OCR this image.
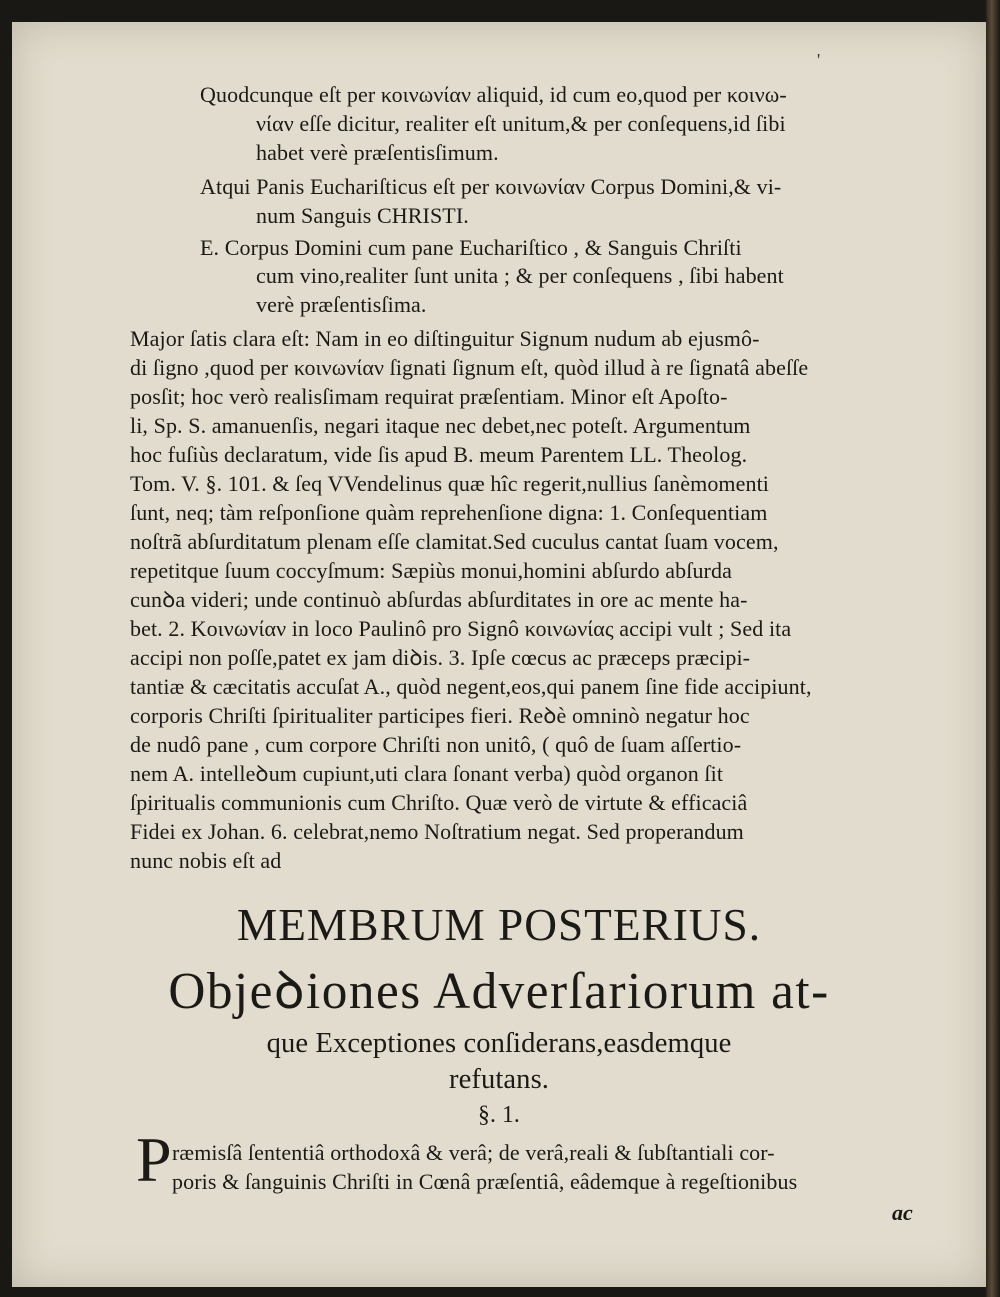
'
Quodcunque eſt per κοινωνίαν aliquid, id cum eo,quod per κοινω-
νίαν eſſe dicitur, realiter eſt unitum,& per conſequens,id ſibi
habet verè præſentisſimum.
Atqui Panis Euchariſticus eſt per κοινωνίαν Corpus Domini,& vi-
num Sanguis CHRISTI.
E. Corpus Domini cum pane Euchariſtico , & Sanguis Chriſti
cum vino,realiter ſunt unita ; & per conſequens , ſibi habent
verè præſentisſima.
Major ſatis clara eſt: Nam in eo diſtinguitur Signum nudum ab ejusmô-
di ſigno ,quod per κοινωνίαν ſignati ſignum eſt, quòd illud à re ſignatâ abeſſe
posſit; hoc verò realisſimam requirat præſentiam. Minor eſt Apoſto-
li, Sp. S. amanuenſis, negari itaque nec debet,nec poteſt. Argumentum
hoc fuſiùs declaratum, vide ſis apud B. meum Parentem LL. Theolog.
Tom. V. §. 101. & ſeq VVendelinus quæ hîc regerit,nullius ſanèmomenti
ſunt, neq; tàm reſponſione quàm reprehenſione digna: 1. Conſequentiam
noſtrã abſurditatum plenam eſſe clamitat.Sed cuculus cantat ſuam vocem,
repetitque ſuum coccyſmum: Sæpiùs monui,homini abſurdo abſurda
cunꝺa videri; unde continuò abſurdas abſurditates in ore ac mente ha-
bet. 2. Κοινωνίαν in loco Paulinô pro Signô κοινωνίας accipi vult ; Sed ita
accipi non poſſe,patet ex jam diꝺis. 3. Ipſe cœcus ac præceps præcipi-
tantiæ & cæcitatis accuſat A., quòd negent,eos,qui panem ſine fide accipiunt,
corporis Chriſti ſpiritualiter participes fieri. Reꝺè omninò negatur hoc
de nudô pane , cum corpore Chriſti non unitô, ( quô de ſuam aſſertio-
nem A. intelleꝺum cupiunt,uti clara ſonant verba) quòd organon ſit
ſpiritualis communionis cum Chriſto. Quæ verò de virtute & efficaciâ
Fidei ex Johan. 6. celebrat,nemo Noſtratium negat. Sed properandum
nunc nobis eſt ad
MEMBRUM POSTERIUS.
Objeꝺiones Adverſariorum at-
que Exceptiones conſiderans,easdemque
refutans.
§. 1.
P ræmisſâ ſententiâ orthodoxâ & verâ; de verâ,reali & ſubſtantiali cor-
poris & ſanguinis Chriſti in Cœnâ præſentiâ, eâdemque à regeſtionibus
ac
